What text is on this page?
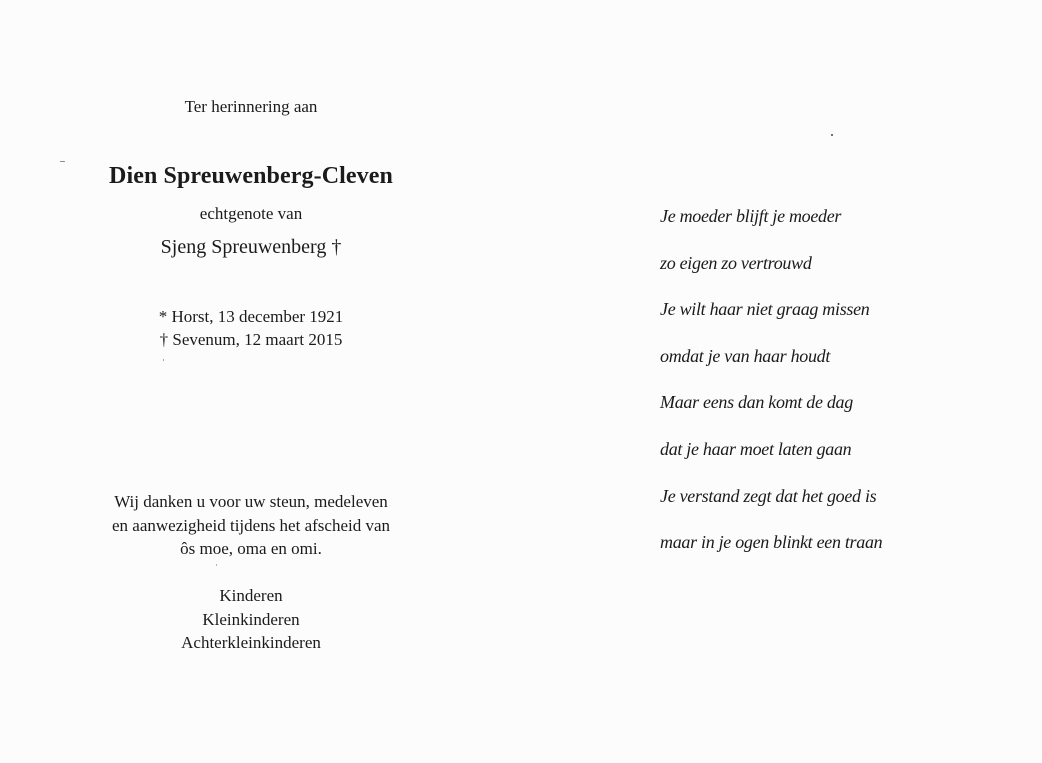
Ter herinnering aan
Dien Spreuwenberg-Cleven
echtgenote van
Sjeng Spreuwenberg †
* Horst, 13 december 1921
† Sevenum, 12 maart 2015
Wij danken u voor uw steun, medeleven
en aanwezigheid tijdens het afscheid van
ôs moe, oma en omi.
Kinderen
Kleinkinderen
Achterkleinkinderen
Je moeder blijft je moeder
zo eigen zo vertrouwd
Je wilt haar niet graag missen
omdat je van haar houdt
Maar eens dan komt de dag
dat je haar moet laten gaan
Je verstand zegt dat het goed is
maar in je ogen blinkt een traan
